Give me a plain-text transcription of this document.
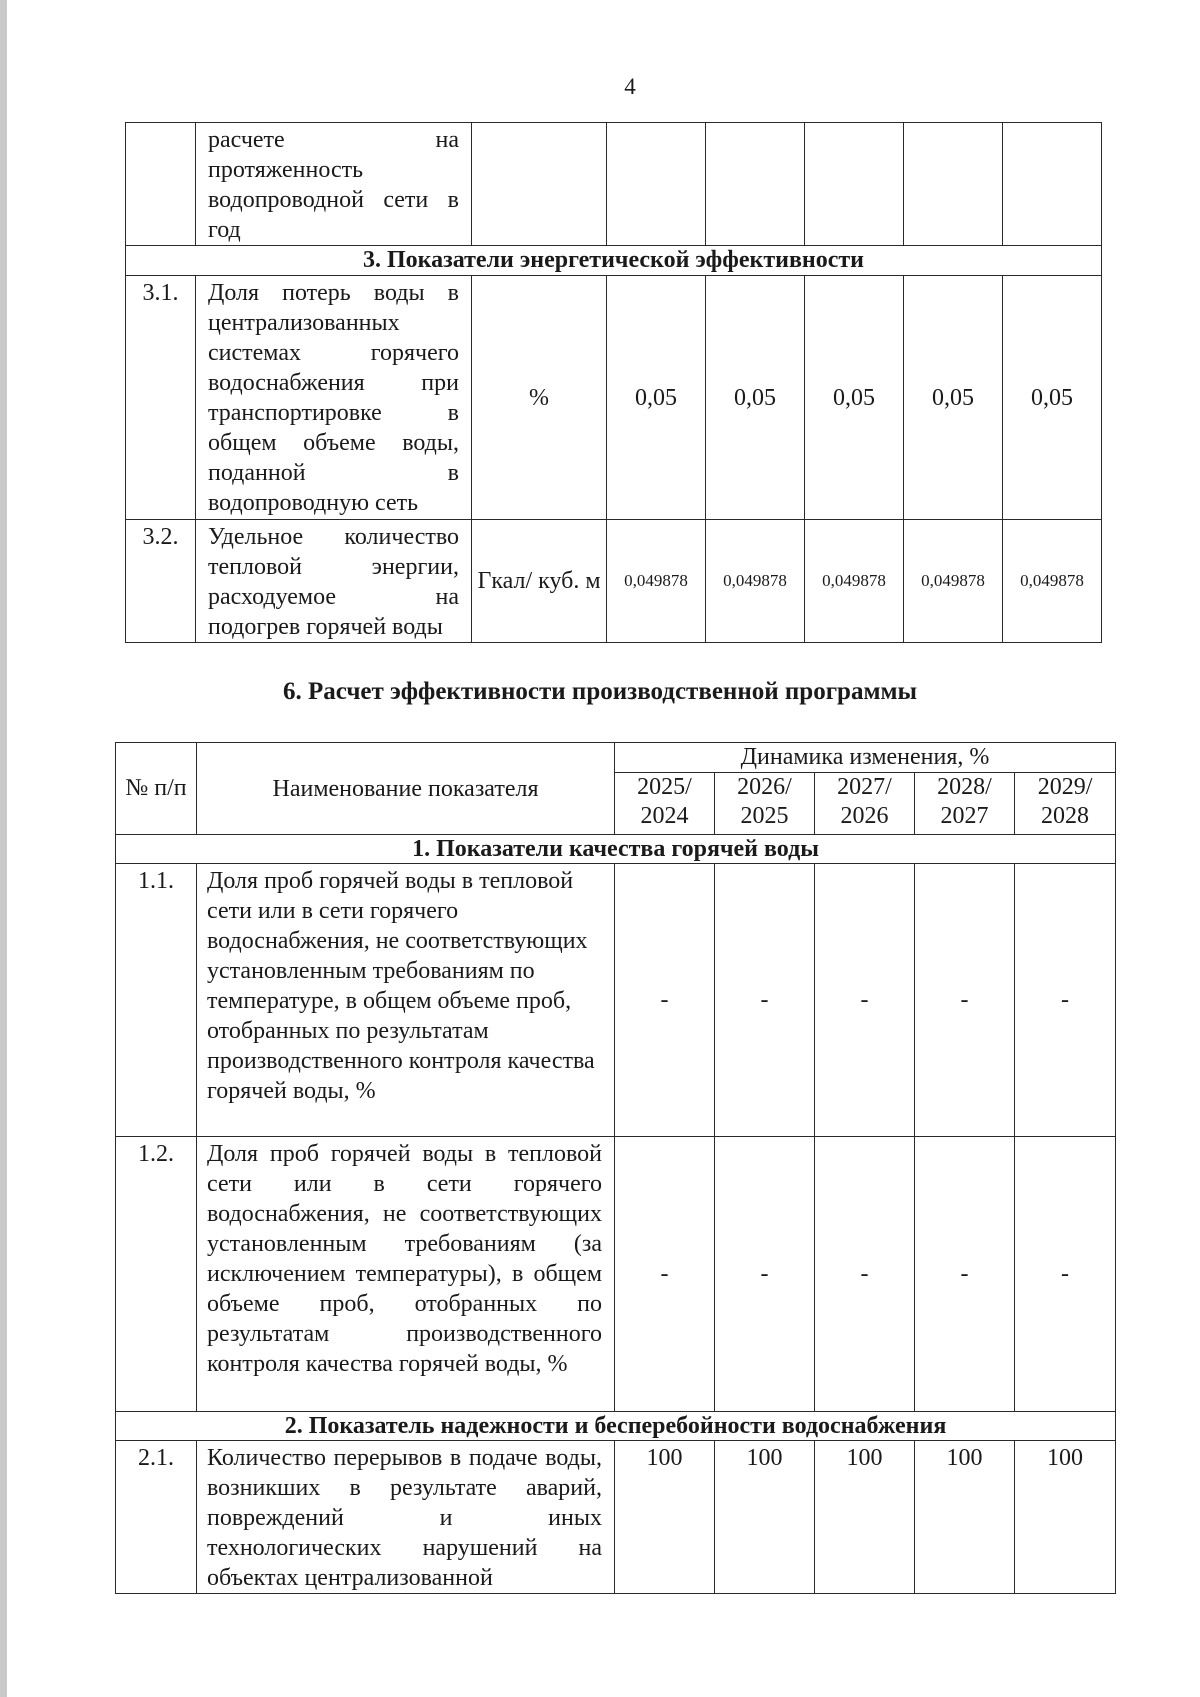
4
	расчете на протяженность водопроводной сети в год						
3. Показатели энергетической эффективности							
3.1.	Доля потерь воды в централизованных системах горячего водоснабжения при транспортировке в общем объеме воды, поданной в водопроводную сеть	%	0,05	0,05	0,05	0,05	0,05
3.2.	Удельное количество тепловой энергии, расходуемое на подогрев горячей воды	Гкал/ куб. м	0,049878	0,049878	0,049878	0,049878	0,049878
6. Расчет эффективности производственной программы
№ п/п	Наименование показателя	Динамика изменения, %				
		2025/ 2024	2026/ 2025	2027/ 2026	2028/ 2027	2029/ 2028
1. Показатели качества горячей воды						
1.1.	Доля проб горячей воды в тепловой сети или в сети горячего водоснабжения, не соответствующих установленным требованиям по температуре, в общем объеме проб, отобранных по результатам производственного контроля качества горячей воды, %	-	-	-	-	-
1.2.	Доля проб горячей воды в тепловой сети или в сети горячего водоснабжения, не соответствующих установленным требованиям (за исключением температуры), в общем объеме проб, отобранных по результатам производственного контроля качества горячей воды, %	-	-	-	-	-
2. Показатель надежности и бесперебойности водоснабжения						
2.1.	Количество перерывов в подаче воды, возникших в результате аварий, повреждений и иных технологических нарушений на объектах централизованной	100	100	100	100	100
